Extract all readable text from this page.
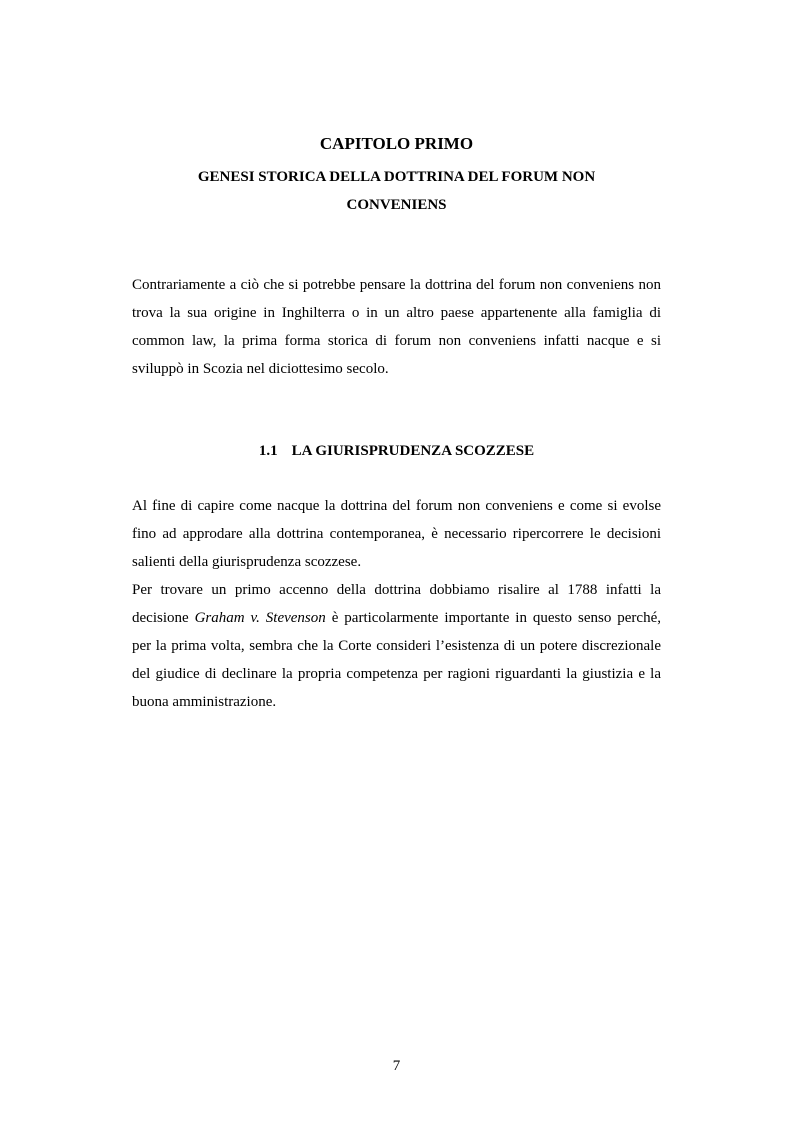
CAPITOLO PRIMO
GENESI STORICA DELLA DOTTRINA DEL FORUM NON CONVENIENS

Contrariamente a ciò che si potrebbe pensare la dottrina del forum non conveniens non trova la sua origine in Inghilterra o in un altro paese appartenente alla famiglia di common law, la prima forma storica di forum non conveniens infatti nacque e si sviluppò in Scozia nel diciottesimo secolo.

1.1 LA GIURISPRUDENZA SCOZZESE

Al fine di capire come nacque la dottrina del forum non conveniens e come si evolse fino ad approdare alla dottrina contemporanea, è necessario ripercorrere le decisioni salienti della giurisprudenza scozzese.

Per trovare un primo accenno della dottrina dobbiamo risalire al 1788 infatti la decisione Graham v. Stevenson è particolarmente importante in questo senso perché, per la prima volta, sembra che la Corte consideri l’esistenza di un potere discrezionale del giudice di declinare la propria competenza per ragioni riguardanti la giustizia e la buona amministrazione.

7
